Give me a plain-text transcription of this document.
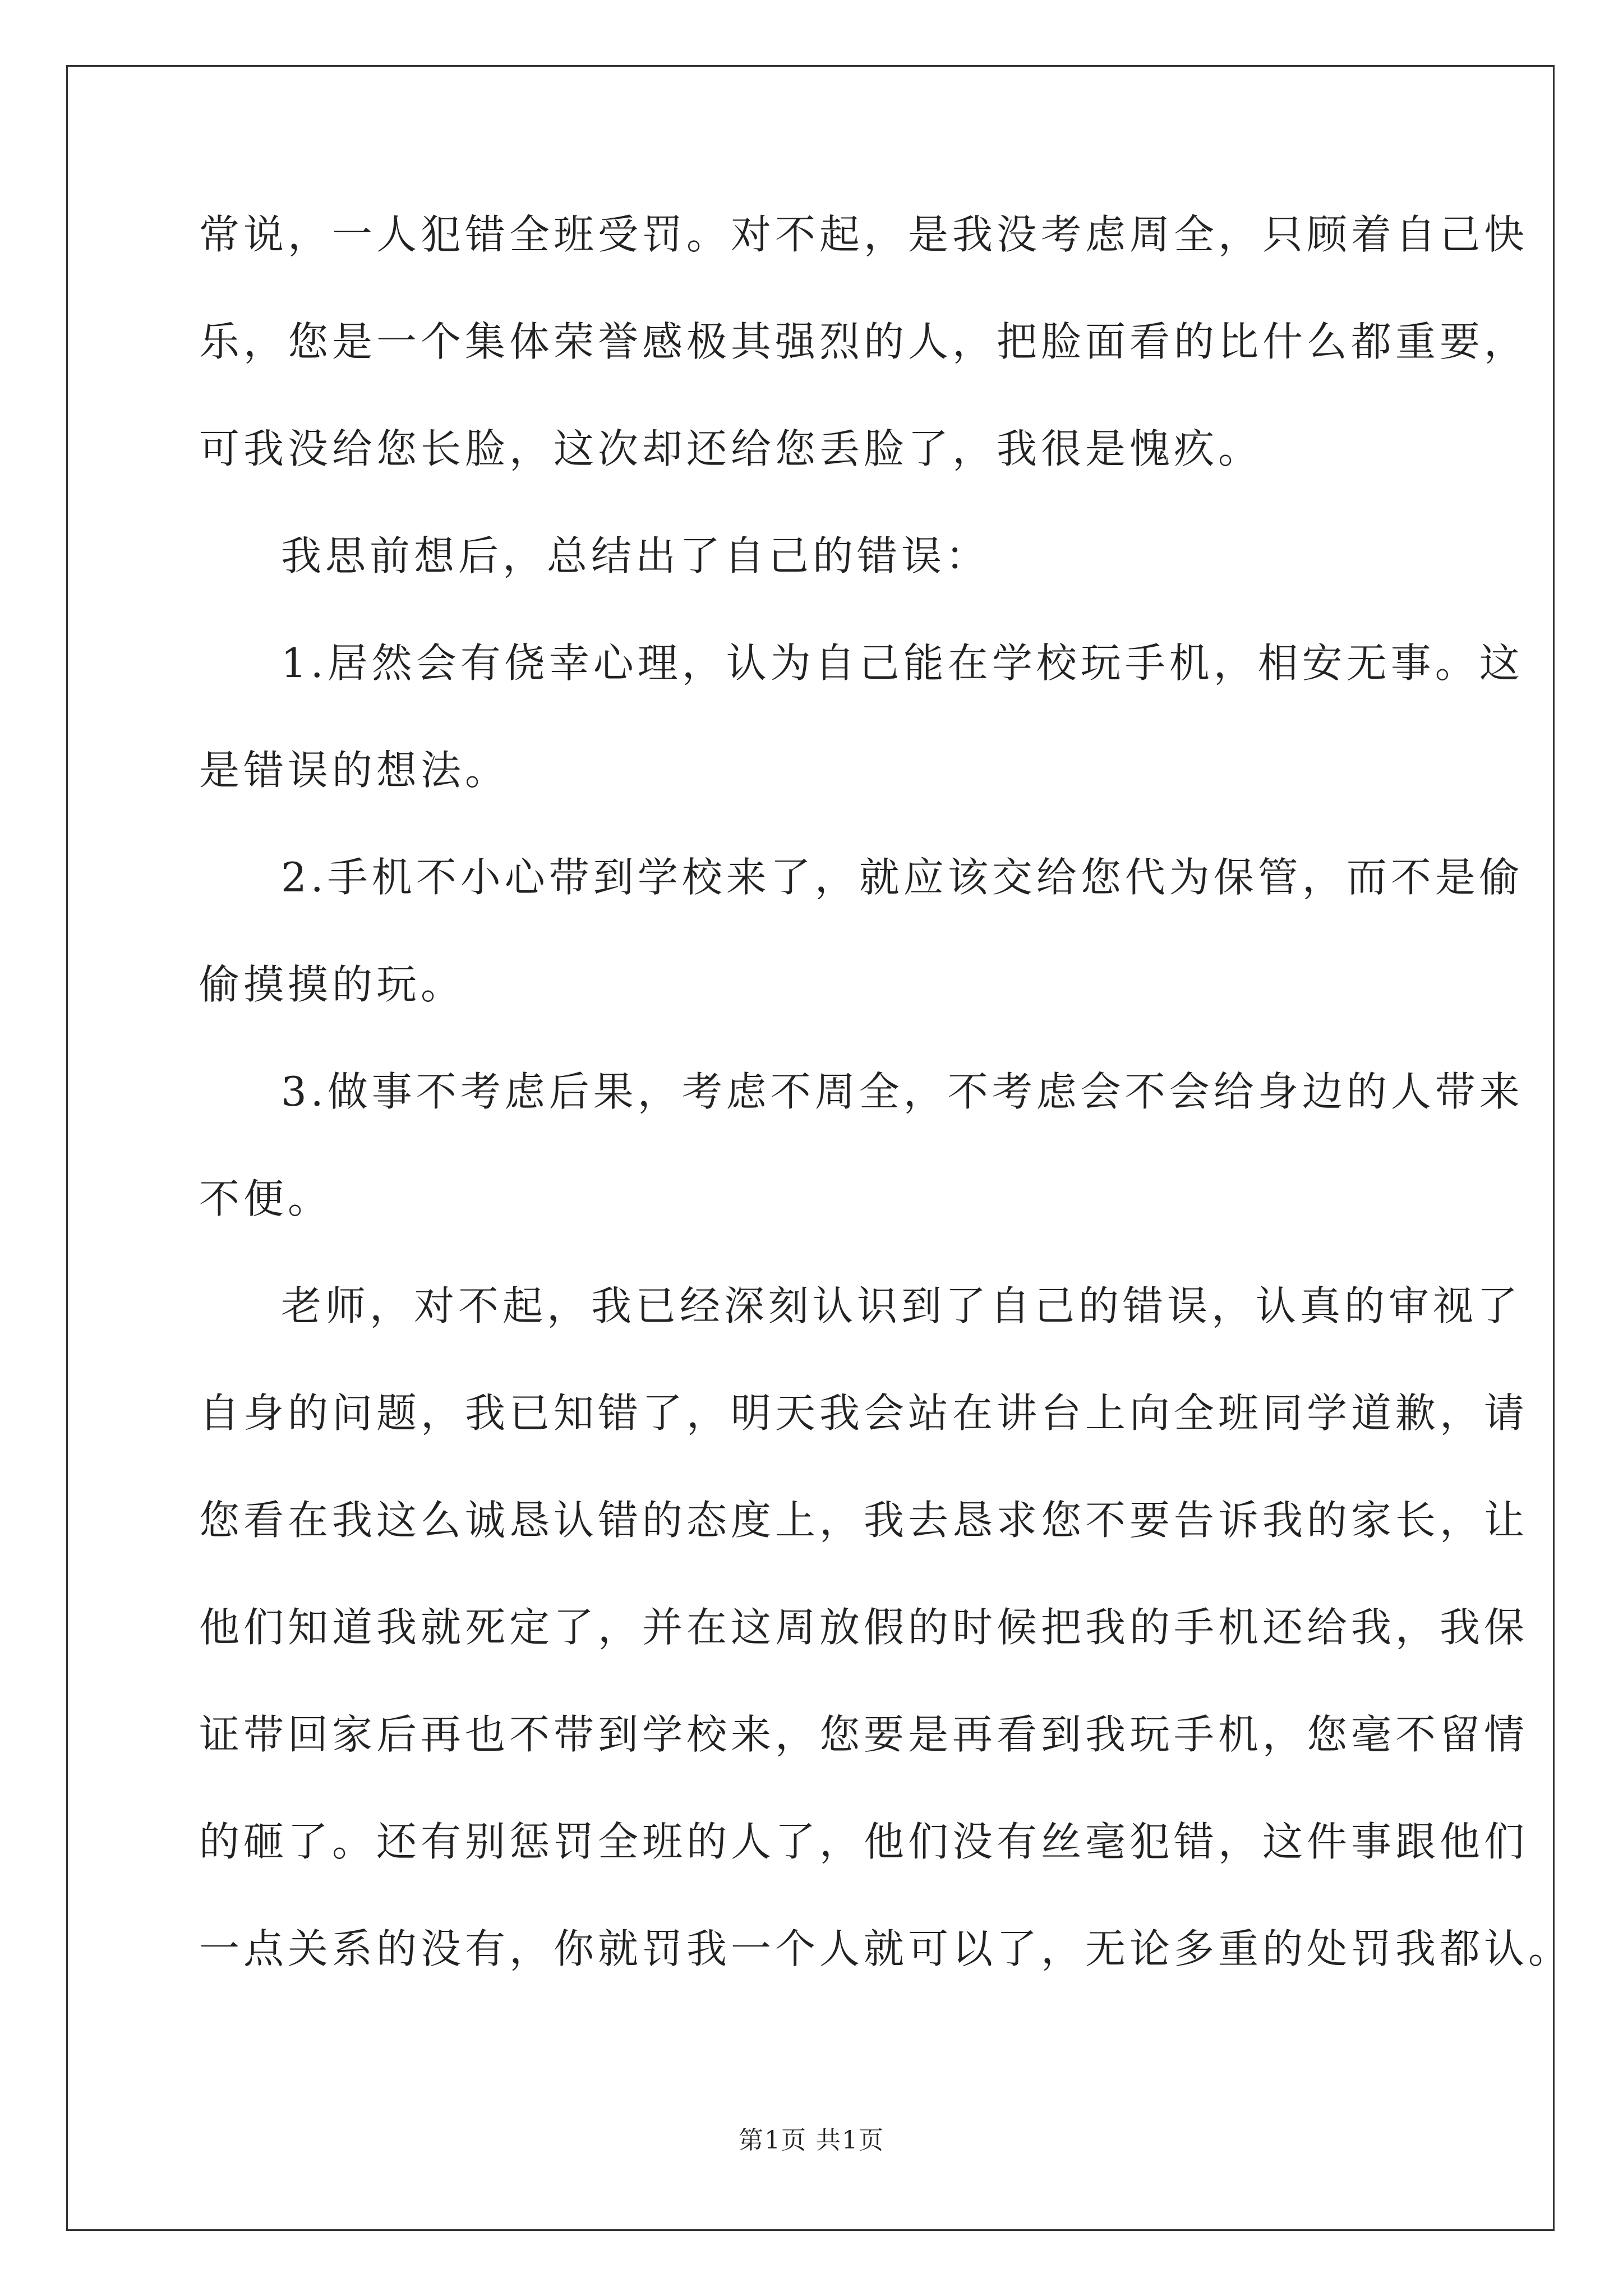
常说，一人犯错全班受罚。对不起，是我没考虑周全，只顾着自己快
乐，您是一个集体荣誉感极其强烈的人，把脸面看的比什么都重要，
可我没给您长脸，这次却还给您丢脸了，我很是愧疚。
我思前想后，总结出了自己的错误：
1.居然会有侥幸心理，认为自己能在学校玩手机，相安无事。这
是错误的想法。
2.手机不小心带到学校来了，就应该交给您代为保管，而不是偷
偷摸摸的玩。
3.做事不考虑后果，考虑不周全，不考虑会不会给身边的人带来
不便。
老师，对不起，我已经深刻认识到了自己的错误，认真的审视了
自身的问题，我已知错了，明天我会站在讲台上向全班同学道歉，请
您看在我这么诚恳认错的态度上，我去恳求您不要告诉我的家长，让
他们知道我就死定了，并在这周放假的时候把我的手机还给我，我保
证带回家后再也不带到学校来，您要是再看到我玩手机，您毫不留情
的砸了。还有别惩罚全班的人了，他们没有丝毫犯错，这件事跟他们
一点关系的没有，你就罚我一个人就可以了，无论多重的处罚我都认。
第1页 共1页
